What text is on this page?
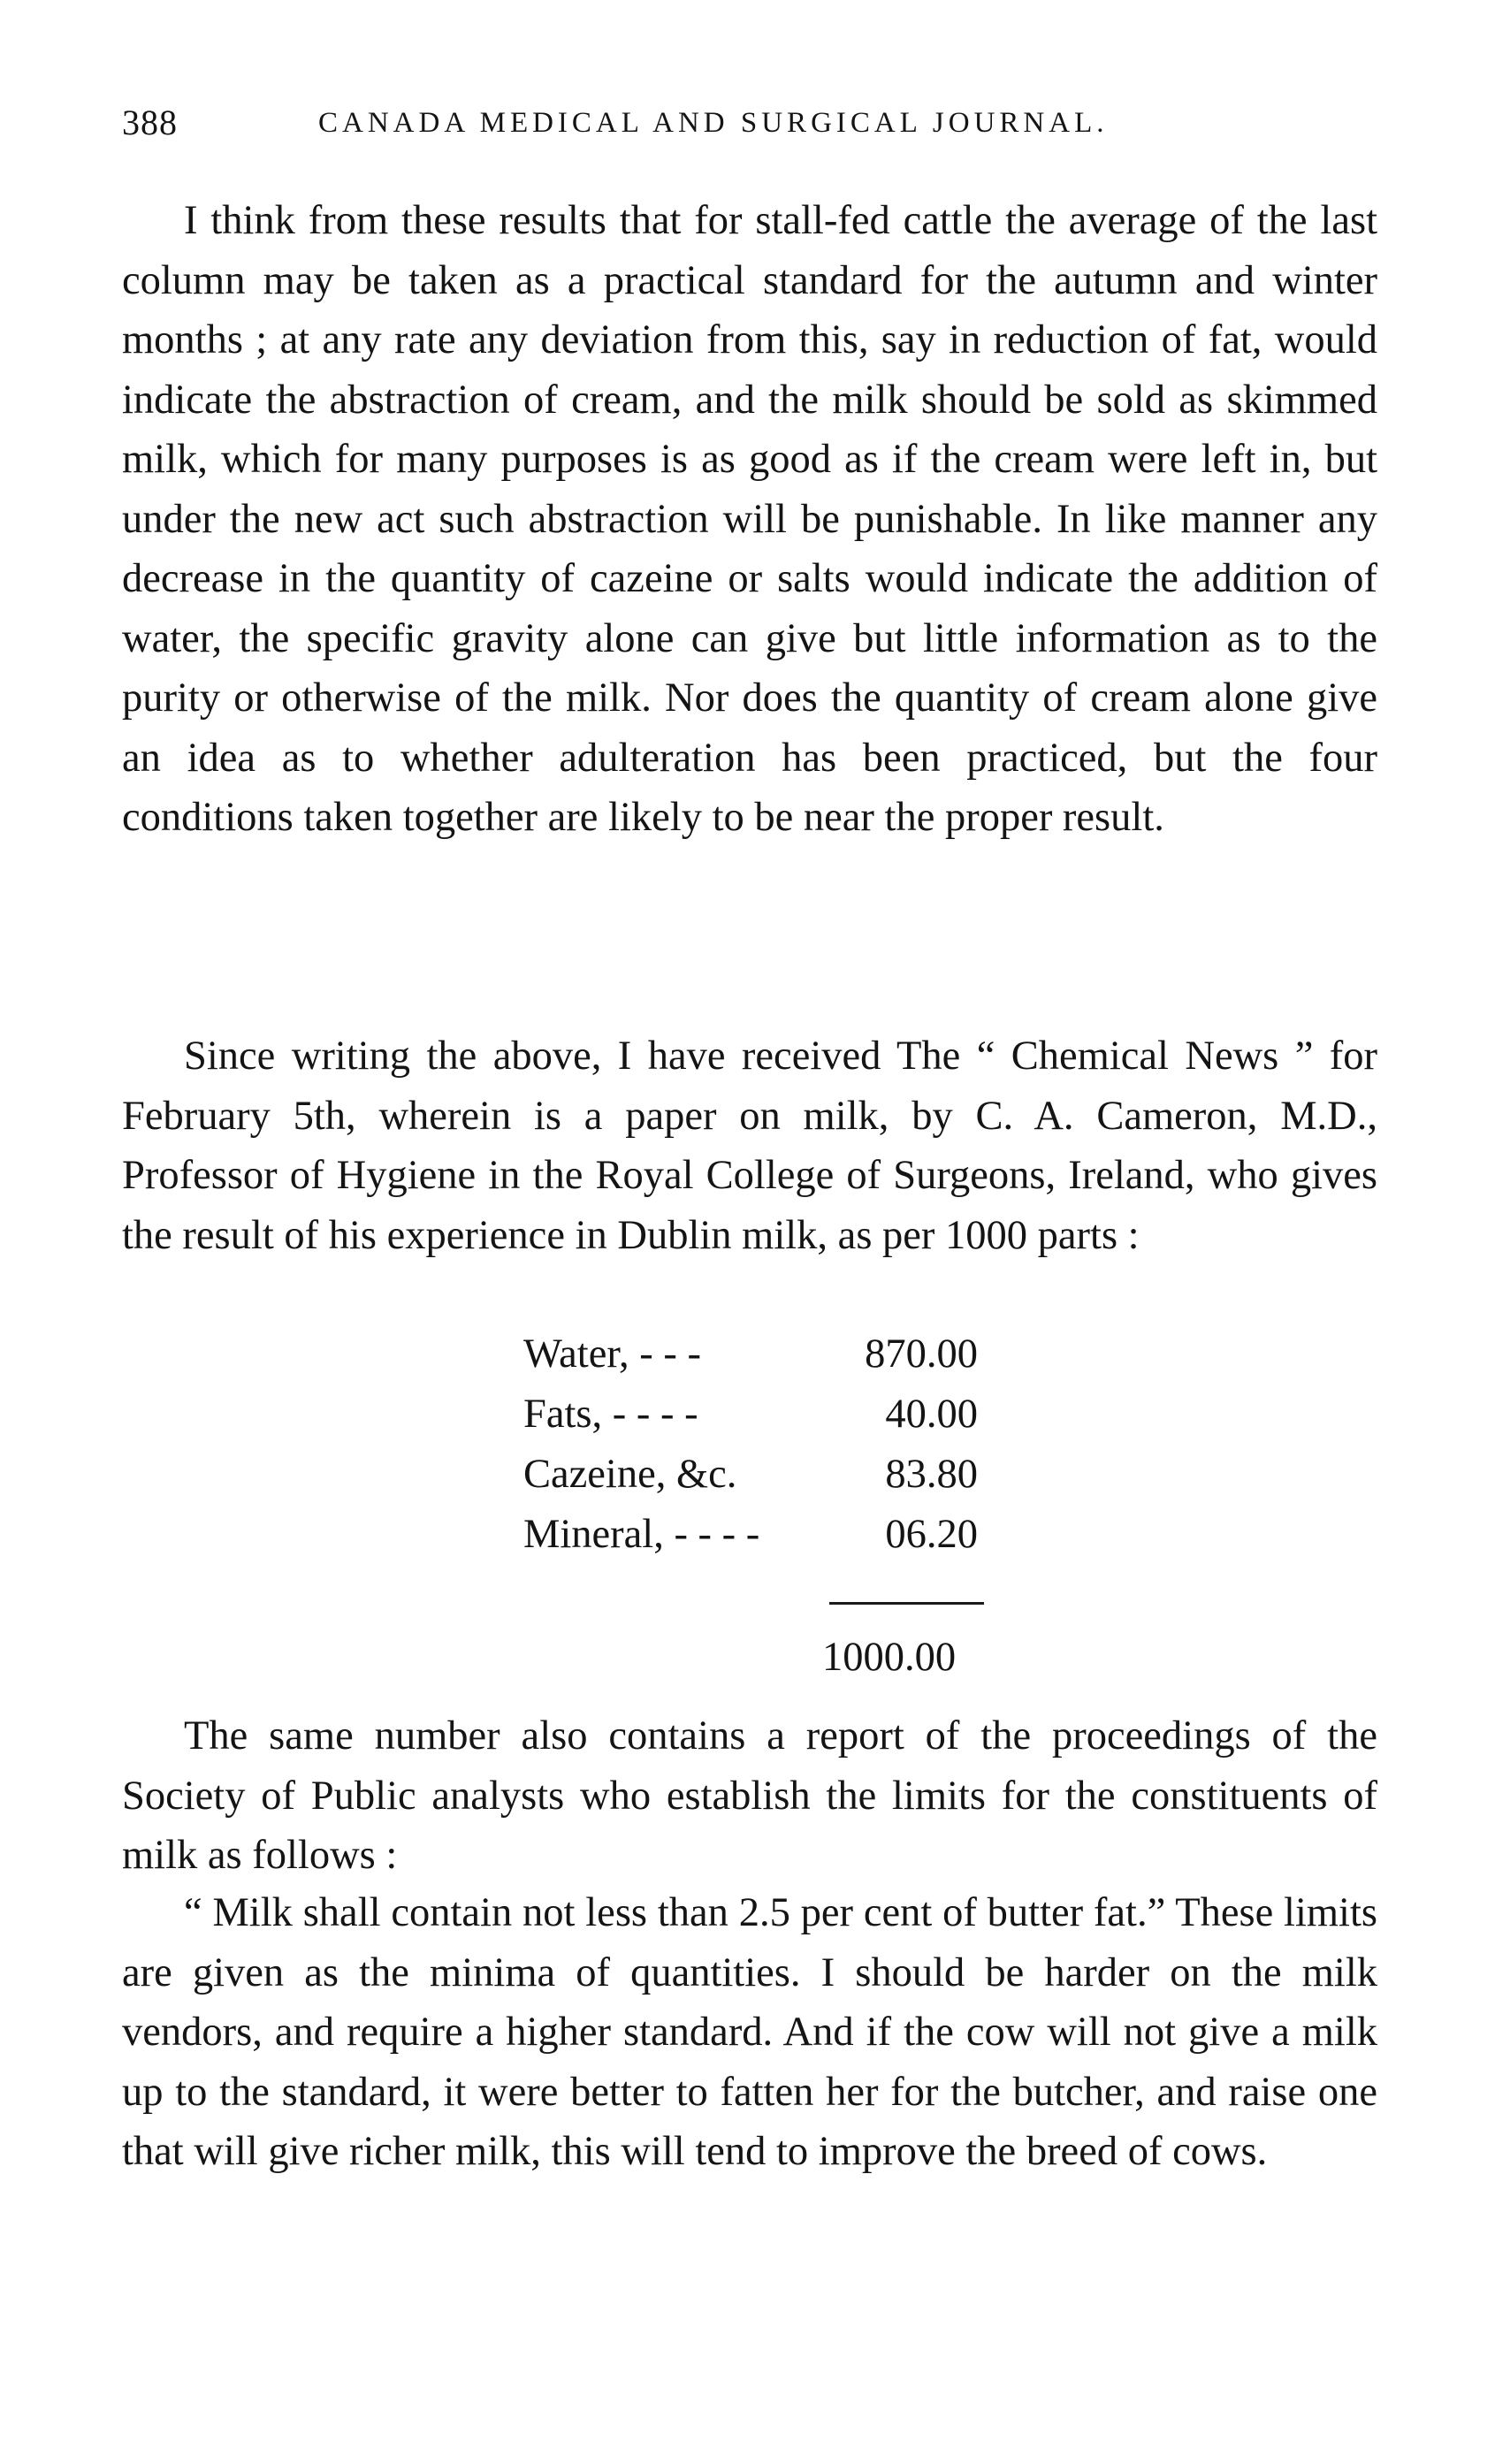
388	CANADA MEDICAL AND SURGICAL JOURNAL.

I think from these results that for stall-fed cattle the average of the last column may be taken as a practical standard for the autumn and winter months ; at any rate any deviation from this, say in reduction of fat, would indicate the abstraction of cream, and the milk should be sold as skimmed milk, which for many purposes is as good as if the cream were left in, but under the new act such abstraction will be punishable. In like manner any decrease in the quantity of cazeine or salts would indicate the addition of water, the specific gravity alone can give but little information as to the purity or otherwise of the milk. Nor does the quantity of cream alone give an idea as to whether adulteration has been practiced, but the four conditions taken together are likely to be near the proper result.

Since writing the above, I have received The “ Chemical News ” for February 5th, wherein is a paper on milk, by C. A. Cameron, M.D., Professor of Hygiene in the Royal College of Surgeons, Ireland, who gives the result of his experience in Dublin milk, as per 1000 parts :

Water, - - -	870.00
Fats, - - - -	40.00
Cazeine, &c.	83.80
Mineral, - - - -	06.20
1000.00

The same number also contains a report of the proceedings of the Society of Public analysts who establish the limits for the constituents of milk as follows :

“ Milk shall contain not less than 2.5 per cent of butter fat.” These limits are given as the minima of quantities. I should be harder on the milk vendors, and require a higher standard. And if the cow will not give a milk up to the standard, it were better to fatten her for the butcher, and raise one that will give richer milk, this will tend to improve the breed of cows.
